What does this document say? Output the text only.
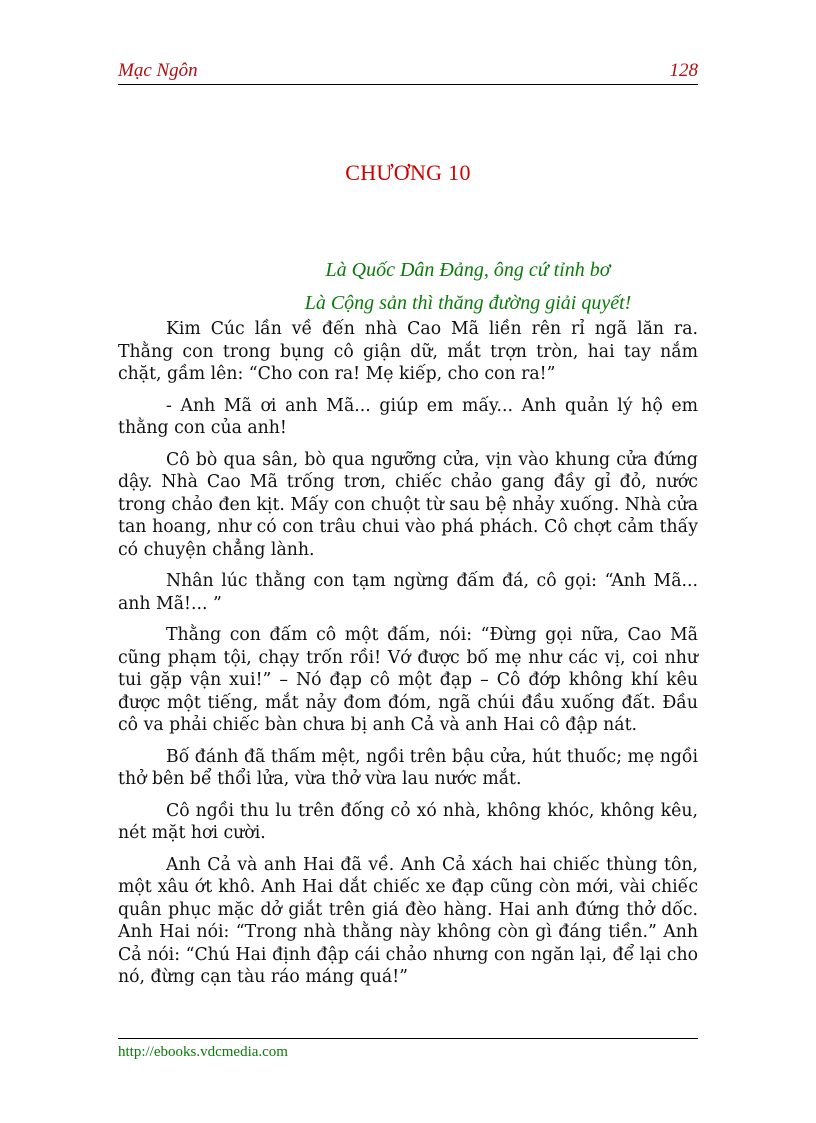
Mạc Ngôn	128
CHƯƠNG 10
Là Quốc Dân Đảng, ông cứ tỉnh bơ
Là Cộng sản thì thăng đường giải quyết!

Kim Cúc lần về đến nhà Cao Mã liền rên rỉ ngã lăn ra. Thằng con trong bụng cô giận dữ, mắt trợn tròn, hai tay nắm chặt, gầm lên: “Cho con ra! Mẹ kiếp, cho con ra!”

- Anh Mã ơi anh Mã... giúp em mấy... Anh quản lý hộ em thằng con của anh!

Cô bò qua sân, bò qua ngưỡng cửa, vịn vào khung cửa đứng dậy. Nhà Cao Mã trống trơn, chiếc chảo gang đầy gỉ đỏ, nước trong chảo đen kịt. Mấy con chuột từ sau bệ nhảy xuống. Nhà cửa tan hoang, như có con trâu chui vào phá phách. Cô chợt cảm thấy có chuyện chẳng lành.

Nhân lúc thằng con tạm ngừng đấm đá, cô gọi: “Anh Mã... anh Mã!... ”

Thằng con đấm cô một đấm, nói: “Đừng gọi nữa, Cao Mã cũng phạm tội, chạy trốn rồi! Vớ được bố mẹ như các vị, coi như tui gặp vận xui!” – Nó đạp cô một đạp – Cô đớp không khí kêu được một tiếng, mắt nảy đom đóm, ngã chúi đầu xuống đất. Đầu cô va phải chiếc bàn chưa bị anh Cả và anh Hai cô đập nát.

Bố đánh đã thấm mệt, ngồi trên bậu cửa, hút thuốc; mẹ ngồi thở bên bể thổi lửa, vừa thở vừa lau nước mắt.

Cô ngồi thu lu trên đống cỏ xó nhà, không khóc, không kêu, nét mặt hơi cười.

Anh Cả và anh Hai đã về. Anh Cả xách hai chiếc thùng tôn, một xâu ớt khô. Anh Hai dắt chiếc xe đạp cũng còn mới, vài chiếc quân phục mặc dở giắt trên giá đèo hàng. Hai anh đứng thở dốc. Anh Hai nói: “Trong nhà thằng này không còn gì đáng tiền.” Anh Cả nói: “Chú Hai định đập cái chảo nhưng con ngăn lại, để lại cho nó, đừng cạn tàu ráo máng quá!”

http://ebooks.vdcmedia.com
